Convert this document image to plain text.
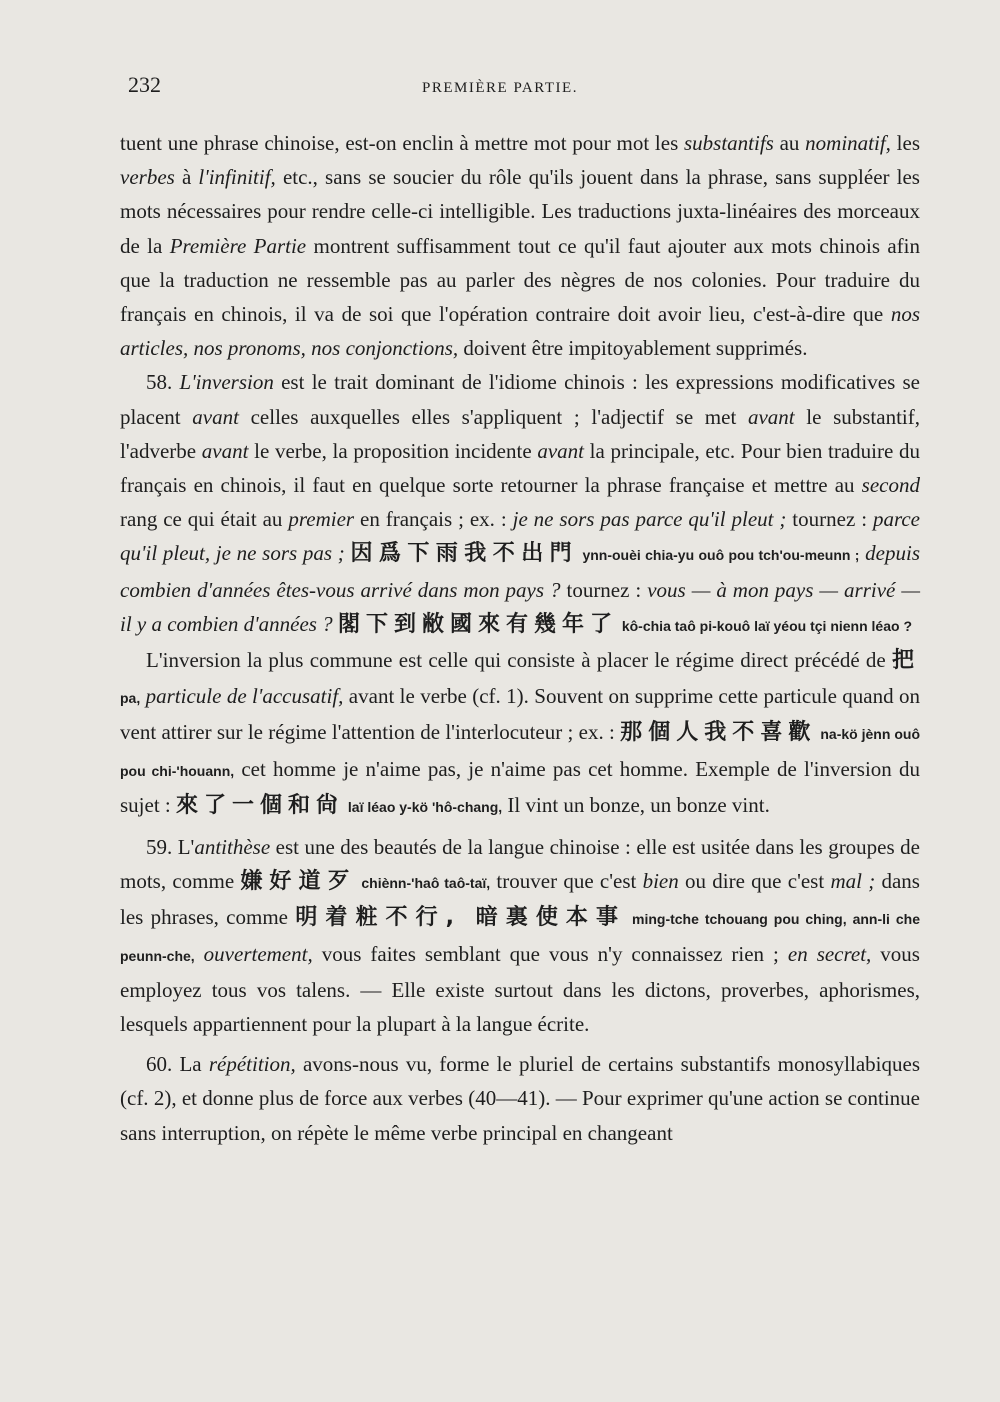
232	PREMIÈRE PARTIE.

tuent une phrase chinoise, est-on enclin à mettre mot pour mot les substantifs au nominatif, les verbes à l'infinitif, etc., sans se soucier du rôle qu'ils jouent dans la phrase, sans suppléer les mots nécessaires pour rendre celle-ci intelligible. Les traductions juxta-linéaires des morceaux de la Première Partie montrent suffisamment tout ce qu'il faut ajouter aux mots chinois afin que la traduction ne ressemble pas au parler des nègres de nos colonies. Pour traduire du français en chinois, il va de soi que l'opération contraire doit avoir lieu, c'est-à-dire que nos articles, nos pronoms, nos conjonctions, doivent être impitoyablement supprimés.

58. L'inversion est le trait dominant de l'idiome chinois : les expressions modificatives se placent avant celles auxquelles elles s'appliquent ; l'adjectif se met avant le substantif, l'adverbe avant le verbe, la proposition incidente avant la principale, etc. Pour bien traduire du français en chinois, il faut en quelque sorte retourner la phrase française et mettre au second rang ce qui était au premier en français ; ex. : je ne sors pas parce qu'il pleut ; tournez : parce qu'il pleut, je ne sors pas ; 因爲下雨我不出門 ynn-ouèi chia-yu ouô pou tch'ou-meunn ; depuis combien d'années êtes-vous arrivé dans mon pays ? tournez : vous — à mon pays — arrivé — il y a combien d'années ? 閣下到敝國來有幾年了 kô-chia taô pi-kouô laï yéou tçi nienn léao ?

L'inversion la plus commune est celle qui consiste à placer le régime direct précédé de 把 pa, particule de l'accusatif, avant le verbe (cf. 1). Souvent on supprime cette particule quand on vent attirer sur le régime l'attention de l'interlocuteur ; ex. : 那個人我不喜歡 na-kö jènn ouô pou chi-'houann, cet homme je n'aime pas, je n'aime pas cet homme. Exemple de l'inversion du sujet : 來了一個和尙 laï léao y-kö 'hô-chang, Il vint un bonze, un bonze vint.

59. L'antithèse est une des beautés de la langue chinoise : elle est usitée dans les groupes de mots, comme 嫌好道歹 chiènn-'haô taô-taï, trouver que c'est bien ou dire que c'est mal ; dans les phrases, comme 明着粧不行, 暗裏使本事 ming-tche tchouang pou ching, ann-li che peunn-che, ouvertement, vous faites semblant que vous n'y connaissez rien ; en secret, vous employez tous vos talens. — Elle existe surtout dans les dictons, proverbes, aphorismes, lesquels appartiennent pour la plupart à la langue écrite.

60. La répétition, avons-nous vu, forme le pluriel de certains substantifs monosyllabiques (cf. 2), et donne plus de force aux verbes (40—41). — Pour exprimer qu'une action se continue sans interruption, on répète le même verbe principal en changeant
